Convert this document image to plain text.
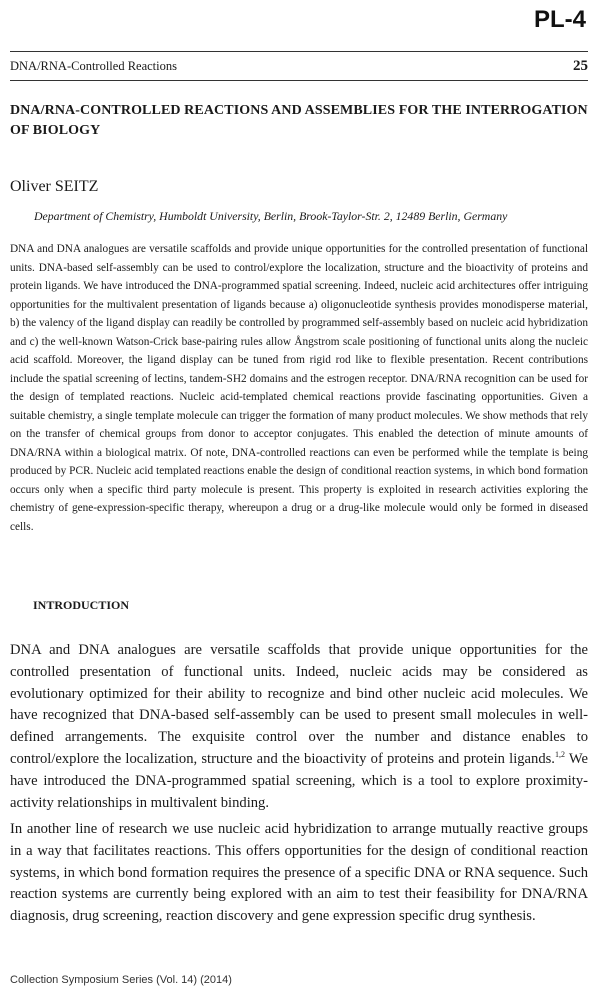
PL-4
DNA/RNA-Controlled Reactions	25
DNA/RNA-CONTROLLED REACTIONS AND ASSEMBLIES FOR THE INTERROGATION OF BIOLOGY

Oliver SEITZ

Department of Chemistry, Humboldt University, Berlin, Brook-Taylor-Str. 2, 12489 Berlin, Germany

DNA and DNA analogues are versatile scaffolds and provide unique opportunities for the controlled presentation of functional units. DNA-based self-assembly can be used to control/explore the localization, structure and the bioactivity of proteins and protein ligands. We have introduced the DNA-programmed spatial screening. Indeed, nucleic acid architectures offer intriguing opportunities for the multivalent presentation of ligands because a) oligonucleotide synthesis provides monodisperse material, b) the valency of the ligand display can readily be controlled by programmed self-assembly based on nucleic acid hybridization and c) the well-known Watson-Crick base-pairing rules allow Ångstrom scale positioning of functional units along the nucleic acid scaffold. Moreover, the ligand display can be tuned from rigid rod like to flexible presentation. Recent contributions include the spatial screening of lectins, tandem-SH2 domains and the estrogen receptor. DNA/RNA recognition can be used for the design of templated reactions. Nucleic acid-templated chemical reactions provide fascinating opportunities. Given a suitable chemistry, a single template molecule can trigger the formation of many product molecules. We show methods that rely on the transfer of chemical groups from donor to acceptor conjugates. This enabled the detection of minute amounts of DNA/RNA within a biological matrix. Of note, DNA-controlled reactions can even be performed while the template is being produced by PCR. Nucleic acid templated reactions enable the design of conditional reaction systems, in which bond formation occurs only when a specific third party molecule is present. This property is exploited in research activities exploring the chemistry of gene-expression-specific therapy, whereupon a drug or a drug-like molecule would only be formed in diseased cells.

INTRODUCTION

DNA and DNA analogues are versatile scaffolds that provide unique opportunities for the controlled presentation of functional units. Indeed, nucleic acids may be considered as evolutionary optimized for their ability to recognize and bind other nucleic acid molecules. We have recognized that DNA-based self-assembly can be used to present small molecules in well-defined arrangements. The exquisite control over the number and distance enables to control/explore the localization, structure and the bioactivity of proteins and protein ligands.$^{1,2}$ We have introduced the DNA-programmed spatial screening, which is a tool to explore proximity-activity relationships in multivalent binding.

In another line of research we use nucleic acid hybridization to arrange mutually reactive groups in a way that facilitates reactions. This offers opportunities for the design of conditional reaction systems, in which bond formation requires the presence of a specific DNA or RNA sequence. Such reaction systems are currently being explored with an aim to test their feasibility for DNA/RNA diagnosis, drug screening, reaction discovery and gene expression specific drug synthesis.

Collection Symposium Series (Vol. 14) (2014)
